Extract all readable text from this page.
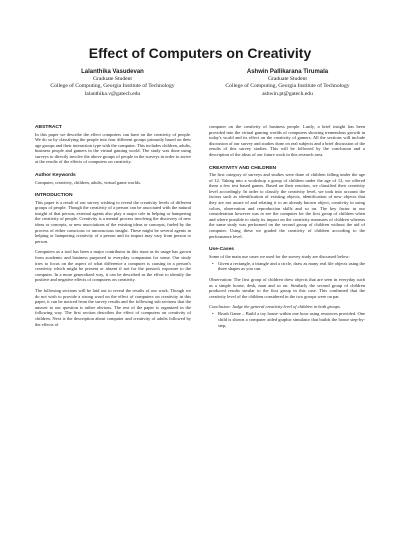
Effect of Computers on Creativity
Lalanthika Vasudevan
Graduate Student
College of Computing, Georgia Institute of Technology
lalanthika.v@gatech.edu
Ashwin Pallikarana Tirumala
Graduate Student
College of Computing, Georgia Institute of Technology
ashwin.pt@gatech.edu
ABSTRACT

In this paper we describe the effect computers can have on the creativity of people. We do so by classifying the people into four different groups primarily based on their age groups and their interaction type with the computer. This includes children, adults, business people and gamers in the virtual gaming world. The study was done using surveys to directly involve the above groups of people in the surveys in order to arrive at the results of the effects of computers on creativity.

Author Keywords

Computer, creativity, children, adults, virtual game worlds.

INTRODUCTION

This paper is a result of our survey wishing to reveal the creativity levels of different groups of people. Though the creativity of a person can be associated with the natural insight of that person, external agents also play a major role in helping or hampering the creativity of people. Creativity is a mental process involving the discovery of new ideas or concepts, or new associations of the existing ideas or concepts, fueled by the process of either conscious or unconscious insight. These might be several agents in helping or hampering creativity of a person and its impact may vary from person to person.

Computers as a tool has been a major contributor in this issue as its usage has grown from academic and business purposed to everyday companion for some. Our study tries to focus on the aspect of what difference a computer is causing in a person's creativity which might be present or absent if not for the person's exposure to the computer. In a more generalized way, it can be described as the effort to identify the positive and negative effects of computers on creativity.

The following sections will be laid out to reveal the results of our work. Though we do not wish to provide a strong word on the effect of computers on creativity in this paper, it can be noticed from the survey results and the following sub sections that the answer to our question is rather obvious. The rest of the paper is organized in the following way. The first section describes the effect of computers on creativity of children. Next is the description about computer and creativity of adults followed by the effects of

computer on the creativity of business people. Lastly, a brief insight has been provided into the virtual gaming worlds of computers showing tremendous growth in today's world and its effect on the creativity of gamers. All the sections will include discussion of our survey and studies done on real subjects and a brief discussion of the results of this survey studies. This will be followed by the conclusion and a description of the ideas of our future work in this research area.

CREATIVITY AND CHILDREN

The first category of surveys and studies were done of children falling under the age of 12. Taking into a workshop a group of children under the age of 12, we offered them a few test based games. Based on their reaction, we classified their creativity level accordingly. In order to classify the creativity level, we took into account the factors such as identification of existing objects, identification of new objects that they are not aware of and relating it to an already known object, creativity in using colors, observation and reproduction skills and so on. The key factor in our consideration however was to see the computer for the first group of children when and where possible to study its impact on the creativity measures of children whereas the same study was performed on the second group of children without the aid of computer. Using these we graded the creativity of children according to the performance level.

Use-Cases

Some of the main use cases we used for the survey study are discussed below:

• Given a rectangle, a triangle and a circle, draw as many real life objects using the three shapes as you can.

Observation: The first group of children drew objects that are seen in everyday such as a simple house, desk, man and so on. Similarly the second group of children produced results similar to the first group in this case. This confirmed that the creativity level of the children considered in the two groups were on par.

Conclusion: Judge the general creativity level of children in both groups.

• Brush Game – Build a toy house within one hour using resources provided. One child is shown a computer aided graphic simulator that builds the house step-by-step,
